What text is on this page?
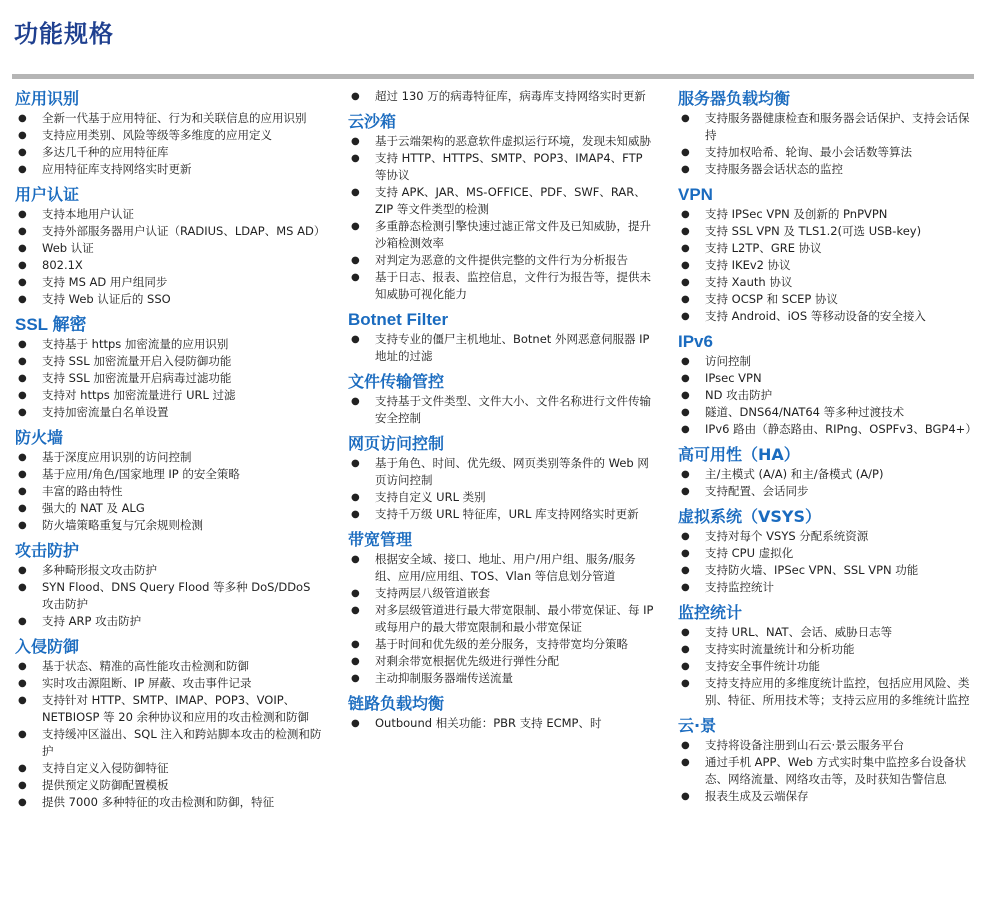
功能规格
应用识别
● 全新一代基于应用特征、行为和关联信息的应用识别
● 支持应用类别、风险等级等多维度的应用定义
● 多达几千种的应用特征库
● 应用特征库支持网络实时更新
用户认证
● 支持本地用户认证
● 支持外部服务器用户认证（RADIUS、LDAP、MS AD）
● Web 认证
● 802.1X
● 支持 MS AD 用户组同步
● 支持 Web 认证后的 SSO
SSL 解密
● 支持基于 https 加密流量的应用识别
● 支持 SSL 加密流量开启入侵防御功能
● 支持 SSL 加密流量开启病毒过滤功能
● 支持对 https 加密流量进行 URL 过滤
● 支持加密流量白名单设置
防火墙
● 基于深度应用识别的访问控制
● 基于应用/角色/国家地理 IP 的安全策略
● 丰富的路由特性
● 强大的 NAT 及 ALG
● 防火墙策略重复与冗余规则检测
攻击防护
● 多种畸形报文攻击防护
● SYN Flood、DNS Query Flood 等多种 DoS/DDoS 攻击防护
● 支持 ARP 攻击防护
入侵防御
● 基于状态、精准的高性能攻击检测和防御
● 实时攻击源阻断、IP 屏蔽、攻击事件记录
● 支持针对 HTTP、SMTP、IMAP、POP3、VOIP、NETBIOSP 等 20 余种协议和应用的攻击检测和防御
● 支持缓冲区溢出、SQL 注入和跨站脚本攻击的检测和防护
● 支持自定义入侵防御特征
● 提供预定义防御配置模板
● 提供 7000 多种特征的攻击检测和防御，特征
● 超过 130 万的病毒特征库，病毒库支持网络实时更新
云沙箱
● 基于云端架构的恶意软件虚拟运行环境，发现未知威胁
● 支持 HTTP、HTTPS、SMTP、POP3、IMAP4、FTP 等协议
● 支持 APK、JAR、MS-OFFICE、PDF、SWF、RAR、ZIP 等文件类型的检测
● 多重静态检测引擎快速过滤正常文件及已知威胁，提升沙箱检测效率
● 对判定为恶意的文件提供完整的文件行为分析报告
● 基于日志、报表、监控信息，文件行为报告等，提供未知威胁可视化能力
Botnet Filter
● 支持专业的僵尸主机地址、Botnet 外网恶意伺服器 IP 地址的过滤
文件传输管控
● 支持基于文件类型、文件大小、文件名称进行文件传输安全控制
网页访问控制
● 基于角色、时间、优先级、网页类别等条件的 Web 网页访问控制
● 支持自定义 URL 类别
● 支持千万级 URL 特征库，URL 库支持网络实时更新
带宽管理
● 根据安全域、接口、地址、用户/用户组、服务/服务组、应用/应用组、TOS、Vlan 等信息划分管道
● 支持两层八级管道嵌套
● 对多层级管道进行最大带宽限制、最小带宽保证、每 IP 或每用户的最大带宽限制和最小带宽保证
● 基于时间和优先级的差分服务，支持带宽均分策略
● 对剩余带宽根据优先级进行弹性分配
● 主动抑制服务器端传送流量
链路负载均衡
● Outbound 相关功能：PBR 支持 ECMP、时
服务器负载均衡
● 支持服务器健康检查和服务器会话保护、支持会话保持
● 支持加权哈希、轮询、最小会话数等算法
● 支持服务器会话状态的监控
VPN
● 支持 IPSec VPN 及创新的 PnPVPN
● 支持 SSL VPN 及 TLS1.2(可选 USB-key)
● 支持 L2TP、GRE 协议
● 支持 IKEv2 协议
● 支持 Xauth 协议
● 支持 OCSP 和 SCEP 协议
● 支持 Android、iOS 等移动设备的安全接入
IPv6
● 访问控制
● IPsec VPN
● ND 攻击防护
● 隧道、DNS64/NAT64 等多种过渡技术
● IPv6 路由（静态路由、RIPng、OSPFv3、BGP4+）
高可用性（HA）
● 主/主模式 (A/A) 和主/备模式 (A/P)
● 支持配置、会话同步
虚拟系统（VSYS）
● 支持对每个 VSYS 分配系统资源
● 支持 CPU 虚拟化
● 支持防火墙、IPSec VPN、SSL VPN 功能
● 支持监控统计
监控统计
● 支持 URL、NAT、会话、威胁日志等
● 支持实时流量统计和分析功能
● 支持安全事件统计功能
● 支持支持应用的多维度统计监控，包括应用风险、类别、特征、所用技术等；支持云应用的多维统计监控
云·景
● 支持将设备注册到山石云·景云服务平台
● 通过手机 APP、Web 方式实时集中监控多台设备状态、网络流量、网络攻击等，及时获知告警信息
● 报表生成及云端保存
